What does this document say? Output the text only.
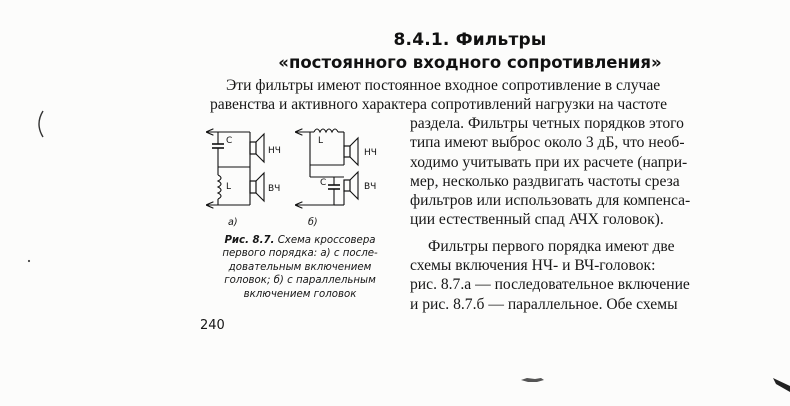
8.4.1. Фильтры
«постоянного входного сопротивления»

Эти фильтры имеют постоянное входное сопротивление в случае
равенства и активного характера сопротивлений нагрузки на частоте

C
НЧ
L	ВЧ
L
НЧ
C	ВЧ
а)	б)

раздела. Фильтры четных порядков этого
типа имеют выброс около 3 дБ, что необ-
ходимо учитывать при их расчете (напри-
мер, несколько раздвигать частоты среза
фильтров или использовать для компенса-
ции естественный спад АЧХ головок).
Фильтры первого порядка имеют две
схемы включения НЧ- и ВЧ-головок:
рис. 8.7.а — последовательное включение
и рис. 8.7.б — параллельное. Обе схемы

Рис. 8.7. Схема кроссовера
первого порядка: а) с после-
довательным включением
головок; б) с параллельным
включением головок

240
